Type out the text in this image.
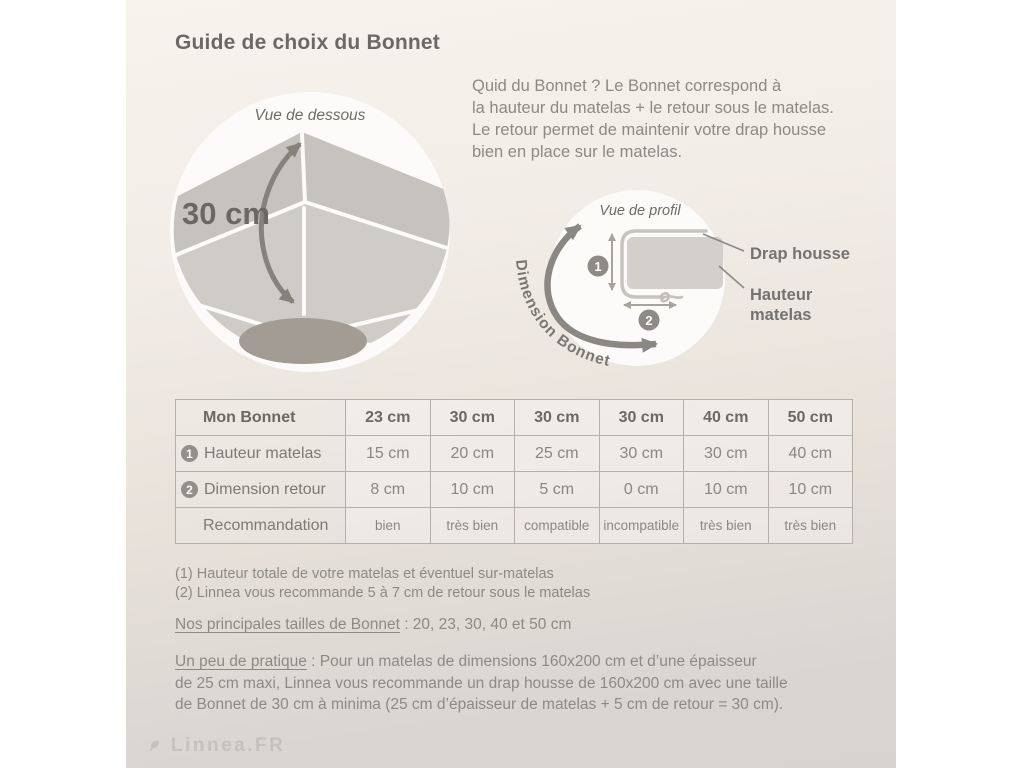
Guide de choix du Bonnet
Quid du Bonnet ? Le Bonnet correspond à
la hauteur du matelas + le retour sous le matelas.
Le retour permet de maintenir votre drap housse
bien en place sur le matelas.
Vue de dessous
30 cm	Vue de profil
1
2
Dimension Bonnet
Drap housse
Hauteur
matelas
Mon Bonnet	23 cm	30 cm	30 cm	30 cm	40 cm	50 cm
1 Hauteur matelas	15 cm	20 cm	25 cm	30 cm	30 cm	40 cm
2 Dimension retour	8 cm	10 cm	5 cm	0 cm	10 cm	10 cm
Recommandation	bien	très bien	compatible	incompatible	très bien	très bien
(1) Hauteur totale de votre matelas et éventuel sur-matelas
(2) Linnea vous recommande 5 à 7 cm de retour sous le matelas
Nos principales tailles de Bonnet : 20, 23, 30, 40 et 50 cm
Un peu de pratique : Pour un matelas de dimensions 160x200 cm et d’une épaisseur
de 25 cm maxi, Linnea vous recommande un drap housse de 160x200 cm avec une taille
de Bonnet de 30 cm à minima (25 cm d’épaisseur de matelas + 5 cm de retour = 30 cm).
Linnea.FR
